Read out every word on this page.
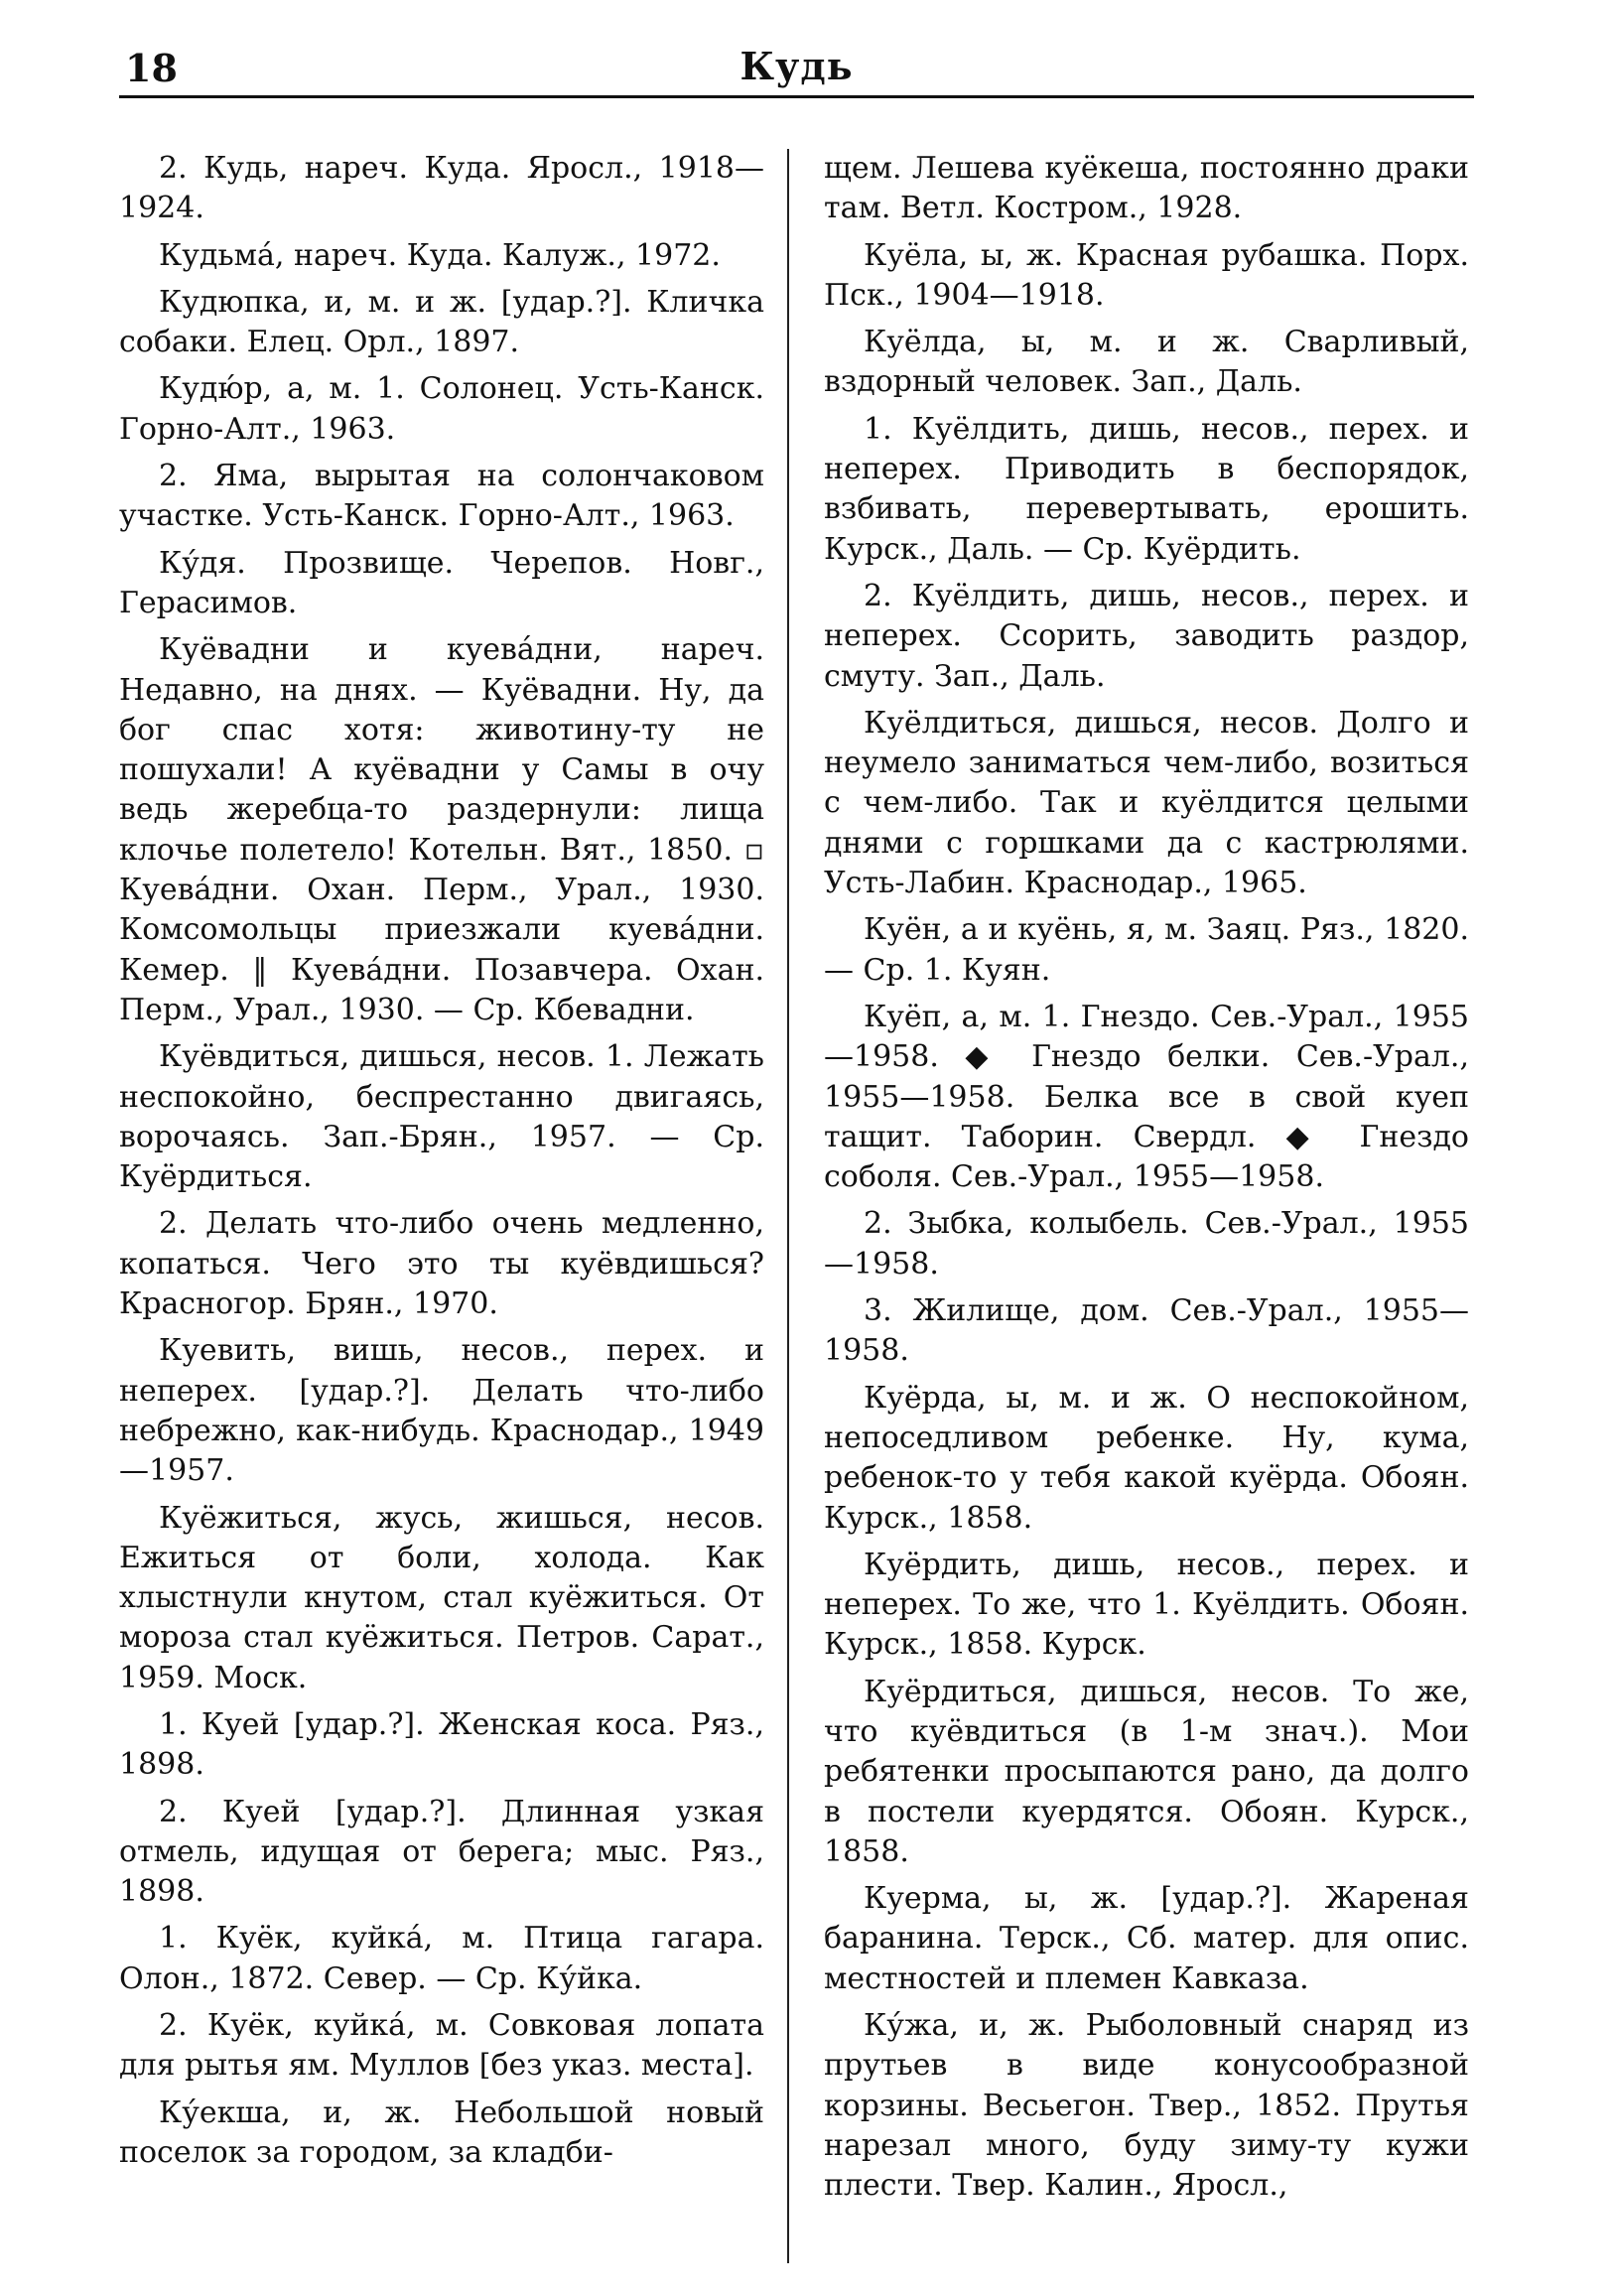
18	Кудь

2. Кудь, нареч. Куда. Яросл., 1918—1924.

Кудьма́, нареч. Куда. Калуж., 1972.

Кудюпка, и, м. и ж. [удар.?]. Кличка собаки. Елец. Орл., 1897.

Кудю́р, а, м. 1. Солонец. Усть-Канск. Горно-Алт., 1963.

2. Яма, вырытая на солончаковом участке. Усть-Канск. Горно-Алт., 1963.

Ку́дя. Прозвище. Черепов. Новг., Герасимов.

Куёвадни и куева́дни, нареч. Недавно, на днях. — Куёвадни. Ну, да бог спас хотя: животину-ту не пошухали! А куёвадни у Самы в очу ведь жеребца-то раздернули: лища клочье полетело! Котельн. Вят., 1850. ▫ Куева́дни. Охан. Перм., Урал., 1930. Комсомольцы приезжали куева́дни. Кемер. ‖ Куева́дни. Позавчера. Охан. Перм., Урал., 1930. — Ср. Кбевадни.

Куёвдиться, дишься, несов. 1. Лежать неспокойно, беспрестанно двигаясь, ворочаясь. Зап.-Брян., 1957. — Ср. Куёрдиться.

2. Делать что-либо очень медленно, копаться. Чего это ты куёвдишься? Красногор. Брян., 1970.

Куевить, вишь, несов., перех. и неперех. [удар.?]. Делать что-либо небрежно, как-нибудь. Краснодар., 1949—1957.

Куёжиться, жусь, жишься, несов. Ежиться от боли, холода. Как хлыстнули кнутом, стал куёжиться. От мороза стал куёжиться. Петров. Сарат., 1959. Моск.

1. Куей [удар.?]. Женская коса. Ряз., 1898.

2. Куей [удар.?]. Длинная узкая отмель, идущая от берега; мыс. Ряз., 1898.

1. Куёк, куйка́, м. Птица гагара. Олон., 1872. Север. — Ср. Ку́йка.

2. Куёк, куйка́, м. Совковая лопата для рытья ям. Муллов [без указ. места].

Ку́екша, и, ж. Небольшой новый поселок за городом, за кладби-

щем. Лешева куёкеша, постоянно драки там. Ветл. Костром., 1928.

Куёла, ы, ж. Красная рубашка. Порх. Пск., 1904—1918.

Куёлда, ы, м. и ж. Сварливый, вздорный человек. Зап., Даль.

1. Куёлдить, дишь, несов., перех. и неперех. Приводить в беспорядок, взбивать, перевертывать, ерошить. Курск., Даль. — Ср. Куёрдить.

2. Куёлдить, дишь, несов., перех. и неперех. Ссорить, заводить раздор, смуту. Зап., Даль.

Куёлдиться, дишься, несов. Долго и неумело заниматься чем-либо, возиться с чем-либо. Так и куёлдится целыми днями с горшками да с кастрюлями. Усть-Лабин. Краснодар., 1965.

Куён, а и куёнь, я, м. Заяц. Ряз., 1820. — Ср. 1. Куян.

Куёп, а, м. 1. Гнездо. Сев.-Урал., 1955—1958. ◆ Гнездо белки. Сев.-Урал., 1955—1958. Белка все в свой куеп тащит. Таборин. Свердл. ◆ Гнездо соболя. Сев.-Урал., 1955—1958.

2. Зыбка, колыбель. Сев.-Урал., 1955—1958.

3. Жилище, дом. Сев.-Урал., 1955—1958.

Куёрда, ы, м. и ж. О неспокойном, непоседливом ребенке. Ну, кума, ребенок-то у тебя какой куёрда. Обоян. Курск., 1858.

Куёрдить, дишь, несов., перех. и неперех. То же, что 1. Куёлдить. Обоян. Курск., 1858. Курск.

Куёрдиться, дишься, несов. То же, что куёвдиться (в 1-м знач.). Мои ребятенки просыпаются рано, да долго в постели куердятся. Обоян. Курск., 1858.

Куерма, ы, ж. [удар.?]. Жареная баранина. Терск., Сб. матер. для опис. местностей и племен Кавказа.

Ку́жа, и, ж. Рыболовный снаряд из прутьев в виде конусообразной корзины. Весьегон. Твер., 1852. Прутья нарезал много, буду зиму-ту кужи плести. Твер. Калин., Яросл.,
